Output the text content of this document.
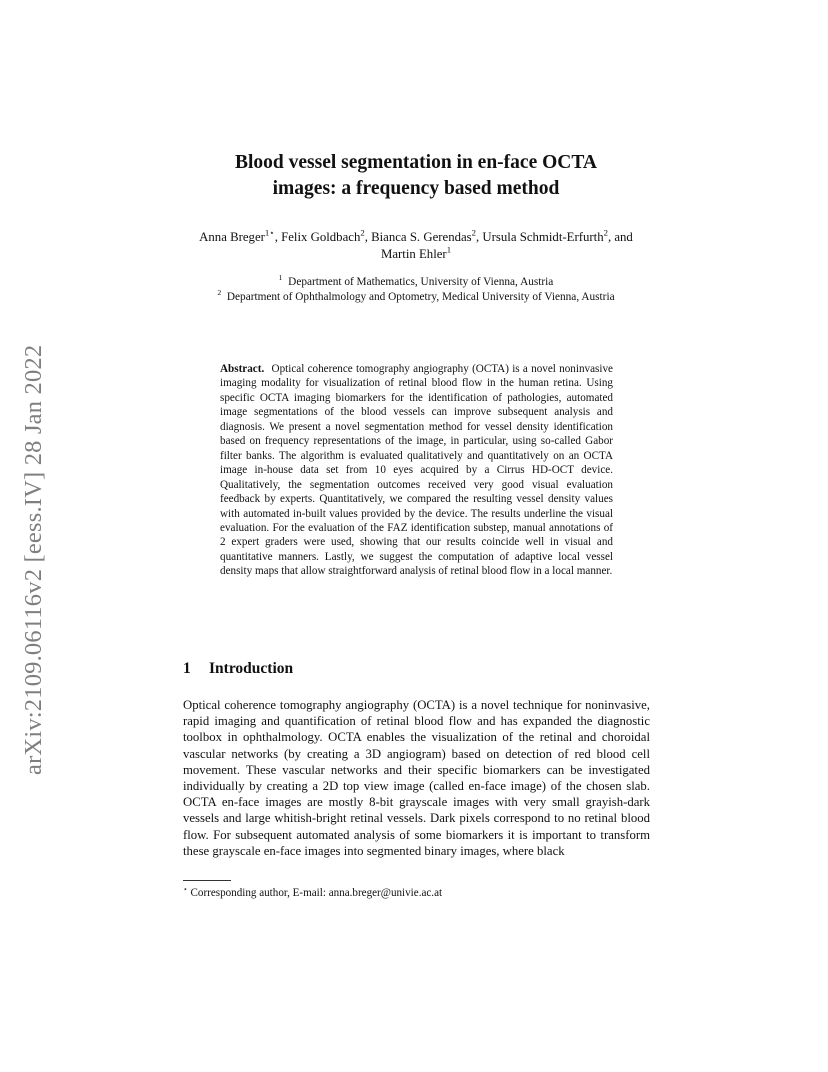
arXiv:2109.06116v2 [eess.IV] 28 Jan 2022
Blood vessel segmentation in en-face OCTA
images: a frequency based method
Anna Breger$^{1⋆}$, Felix Goldbach$^2$, Bianca S. Gerendas$^2$, Ursula Schmidt-Erfurth$^2$, and Martin Ehler$^1$
$^1$ Department of Mathematics, University of Vienna, Austria
$^2$ Department of Ophthalmology and Optometry, Medical University of Vienna, Austria
Abstract. Optical coherence tomography angiography (OCTA) is a novel noninvasive imaging modality for visualization of retinal blood flow in the human retina. Using specific OCTA imaging biomarkers for the identification of pathologies, automated image segmentations of the blood vessels can improve subsequent analysis and diagnosis. We present a novel segmentation method for vessel density identification based on frequency representations of the image, in particular, using so-called Gabor filter banks. The algorithm is evaluated qualitatively and quantitatively on an OCTA image in-house data set from 10 eyes acquired by a Cirrus HD-OCT device. Qualitatively, the segmentation outcomes received very good visual evaluation feedback by experts. Quantitatively, we compared the resulting vessel density values with automated in-built values provided by the device. The results underline the visual evaluation. For the evaluation of the FAZ identification substep, manual annotations of 2 expert graders were used, showing that our results coincide well in visual and quantitative manners. Lastly, we suggest the computation of adaptive local vessel density maps that allow straightforward analysis of retinal blood flow in a local manner.
1 Introduction
Optical coherence tomography angiography (OCTA) is a novel technique for noninvasive, rapid imaging and quantification of retinal blood flow and has expanded the diagnostic toolbox in ophthalmology. OCTA enables the visualization of the retinal and choroidal vascular networks (by creating a 3D angiogram) based on detection of red blood cell movement. These vascular networks and their specific biomarkers can be investigated individually by creating a 2D top view image (called en-face image) of the chosen slab. OCTA en-face images are mostly 8-bit grayscale images with very small grayish-dark vessels and large whitish-bright retinal vessels. Dark pixels correspond to no retinal blood flow. For subsequent automated analysis of some biomarkers it is important to transform these grayscale en-face images into segmented binary images, where black
⋆ Corresponding author, E-mail: anna.breger@univie.ac.at
